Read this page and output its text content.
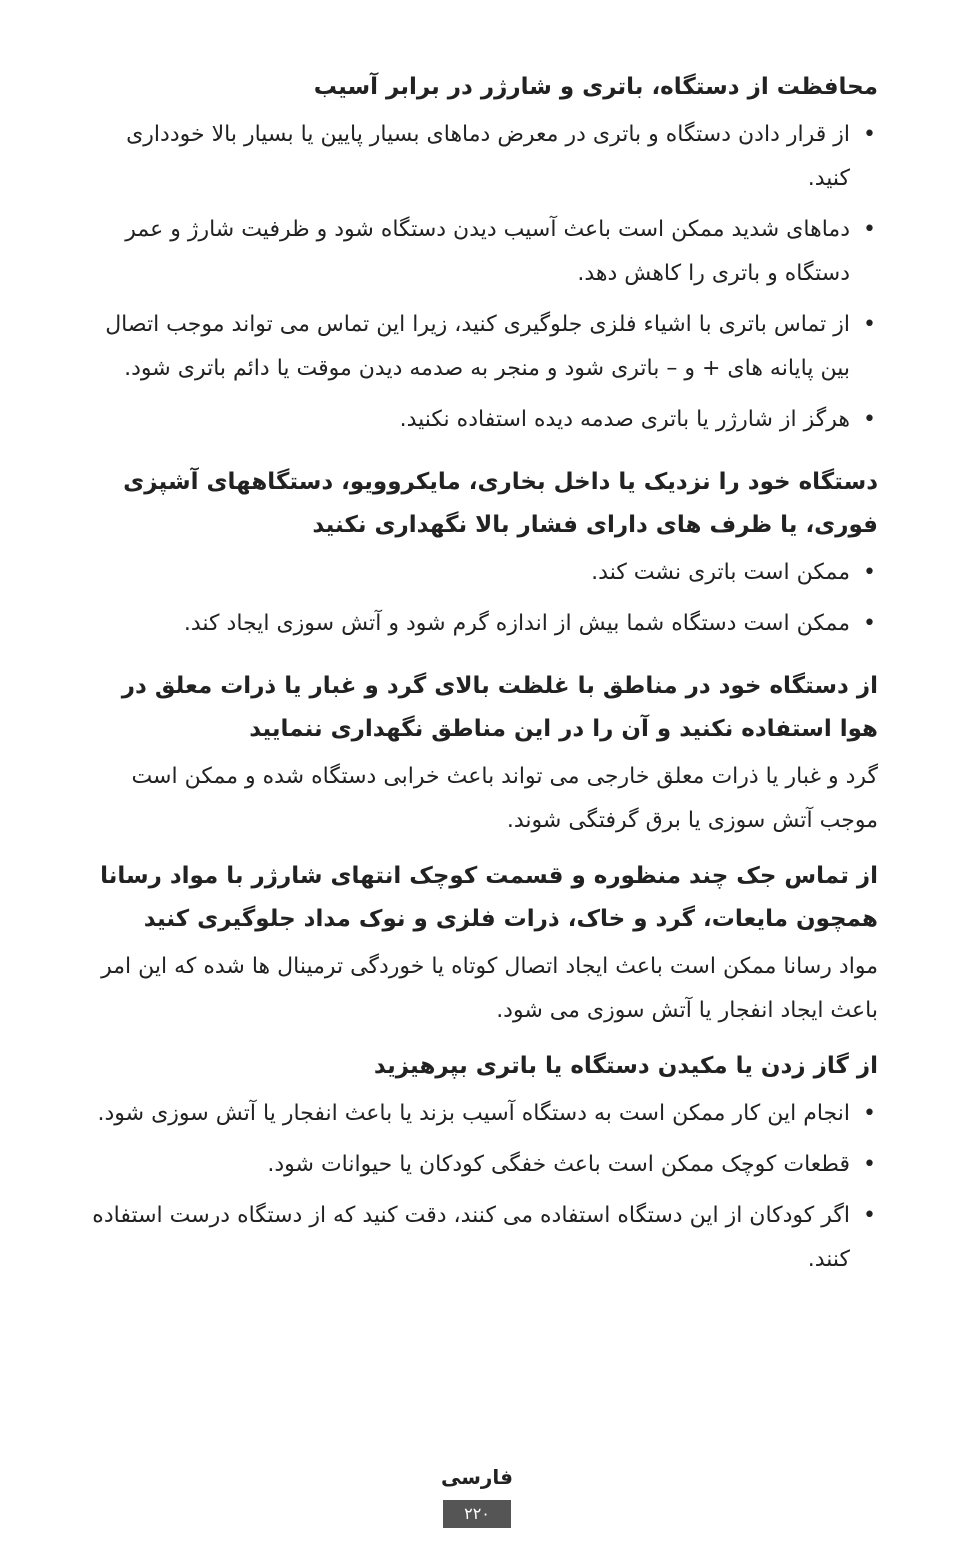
محافظت از دستگاه، باتری و شارژر در برابر آسیب
•
از قرار دادن دستگاه و باتری در معرض دماهای بسیار پایین یا بسیار بالا خودداری کنید.
•
دماهای شدید ممکن است باعث آسیب دیدن دستگاه شود و ظرفیت شارژ و عمر دستگاه و باتری را کاهش دهد.
•
از تماس باتری با اشیاء فلزی جلوگیری کنید، زیرا این تماس می تواند موجب اتصال بین پایانه های + و – باتری شود و منجر به صدمه دیدن موقت یا دائم باتری شود.
•
هرگز از شارژر یا باتری صدمه دیده استفاده نکنید.
دستگاه خود را نزدیک یا داخل بخاری، مایکروویو، دستگاههای آشپزی فوری، یا ظرف های دارای فشار بالا نگهداری نکنید
•
ممکن است باتری نشت کند.
•
ممکن است دستگاه شما بیش از اندازه گرم شود و آتش سوزی ایجاد کند.
از دستگاه خود در مناطق با غلظت بالای گرد و غبار یا ذرات معلق در هوا استفاده نکنید و آن را در این مناطق نگهداری ننمایید

گرد و غبار یا ذرات معلق خارجی می تواند باعث خرابی دستگاه شده و ممکن است موجب آتش سوزی یا برق گرفتگی شوند.

از تماس جک چند منظوره و قسمت کوچک انتهای شارژر با مواد رسانا همچون مایعات، گرد و خاک، ذرات فلزی و نوک مداد جلوگیری کنید

مواد رسانا ممکن است باعث ایجاد اتصال کوتاه یا خوردگی ترمینال ها شده که این امر باعث ایجاد انفجار یا آتش سوزی می شود.

از گاز زدن یا مکیدن دستگاه یا باتری بپرهیزید
•
انجام این کار ممکن است به دستگاه آسیب بزند یا باعث انفجار یا آتش سوزی شود.
•
قطعات کوچک ممکن است باعث خفگی کودکان یا حیوانات شود.
•
اگر کودکان از این دستگاه استفاده می کنند، دقت کنید که از دستگاه درست استفاده کنند.
فارسی
۲۲۰
